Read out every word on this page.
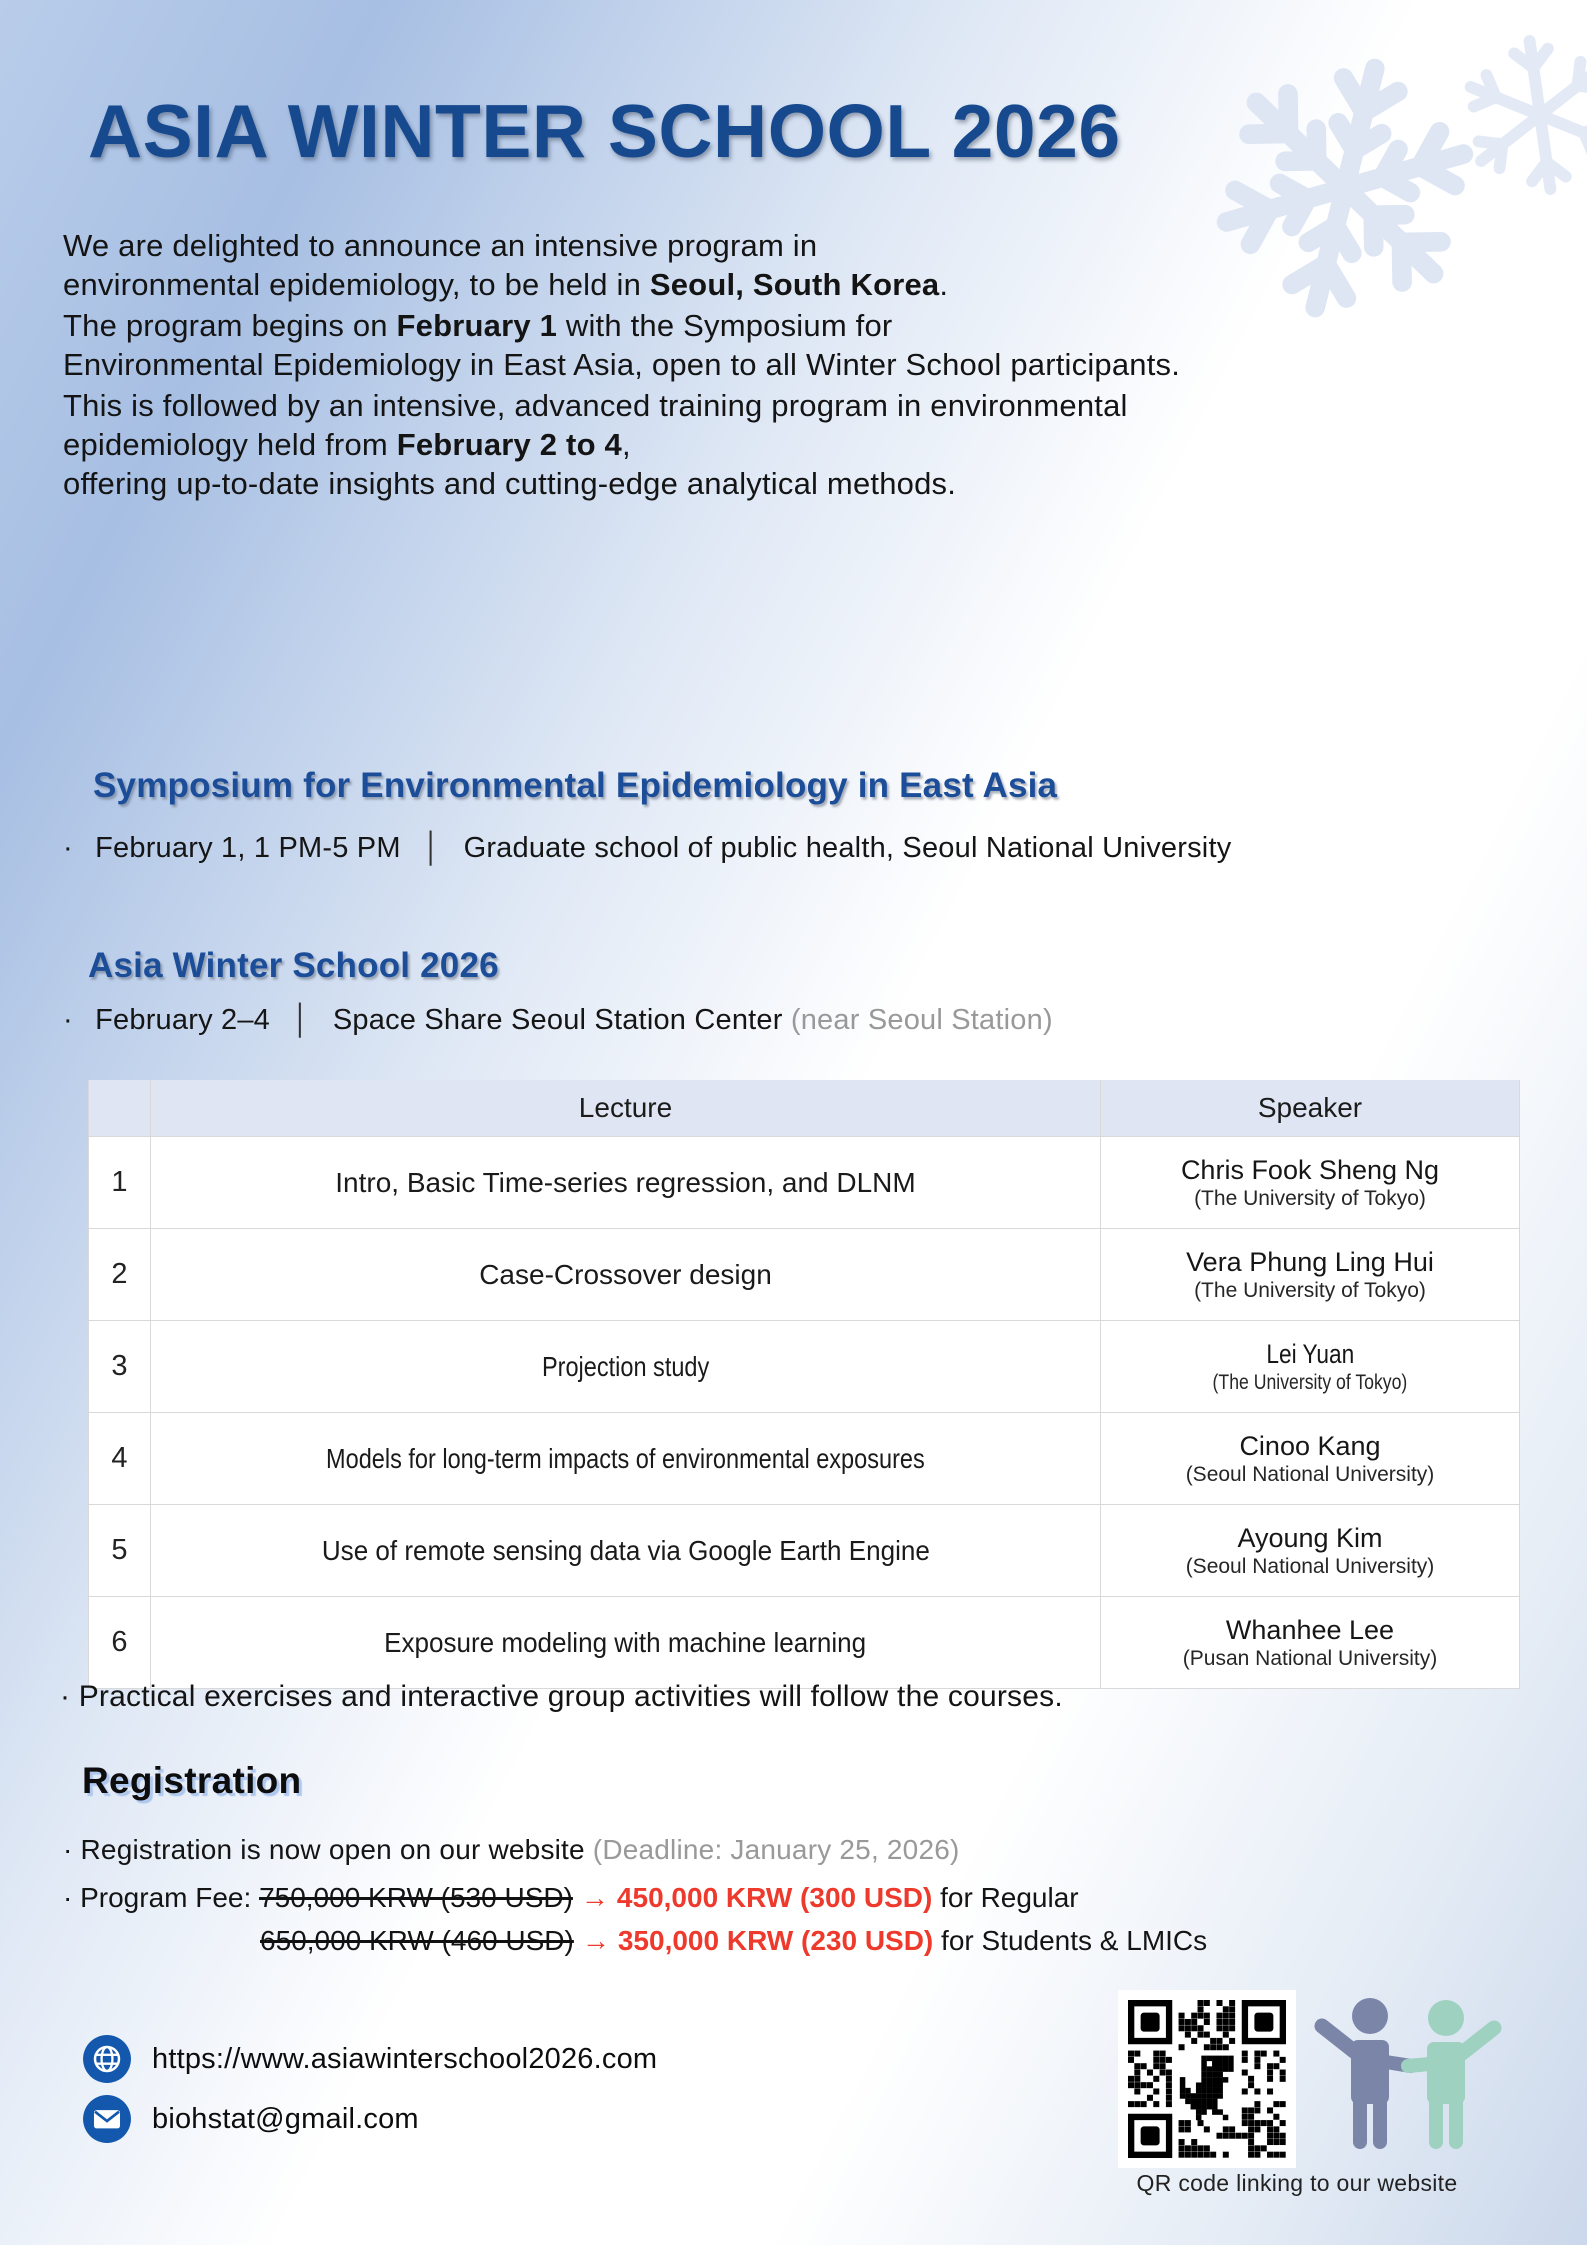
ASIA WINTER SCHOOL 2026
We are delighted to announce an intensive program in
environmental epidemiology, to be held in Seoul, South Korea.
The program begins on February 1 with the Symposium for
Environmental Epidemiology in East Asia, open to all Winter School participants.
This is followed by an intensive, advanced training program in environmental
epidemiology held from February 2 to 4,
offering up-to-date insights and cutting-edge analytical methods.
Symposium for Environmental Epidemiology in East Asia
· February 1, 1 PM-5 PM │ Graduate school of public health, Seoul National University
Asia Winter School 2026
· February 2–4 │ Space Share Seoul Station Center (near Seoul Station)
	Lecture	Speaker
1	Intro, Basic Time-series regression, and DLNM	Chris Fook Sheng Ng
(The University of Tokyo)

2	Case-Crossover design	Vera Phung Ling Hui
(The University of Tokyo)

3	Projection study	Lei Yuan
(The University of Tokyo)

4	Models for long-term impacts of environmental exposures	Cinoo Kang
(Seoul National University)

5	Use of remote sensing data via Google Earth Engine	Ayoung Kim
(Seoul National University)

6	Exposure modeling with machine learning	Whanhee Lee
(Pusan National University)
· Practical exercises and interactive group activities will follow the courses.
Registration
· Registration is now open on our website (Deadline: January 25, 2026)
· Program Fee: 750,000 KRW (530 USD) → 450,000 KRW (300 USD) for Regular
650,000 KRW (460 USD) → 350,000 KRW (230 USD) for Students & LMICs
https://www.asiawinterschool2026.com
biohstat@gmail.com
QR code linking to our website
